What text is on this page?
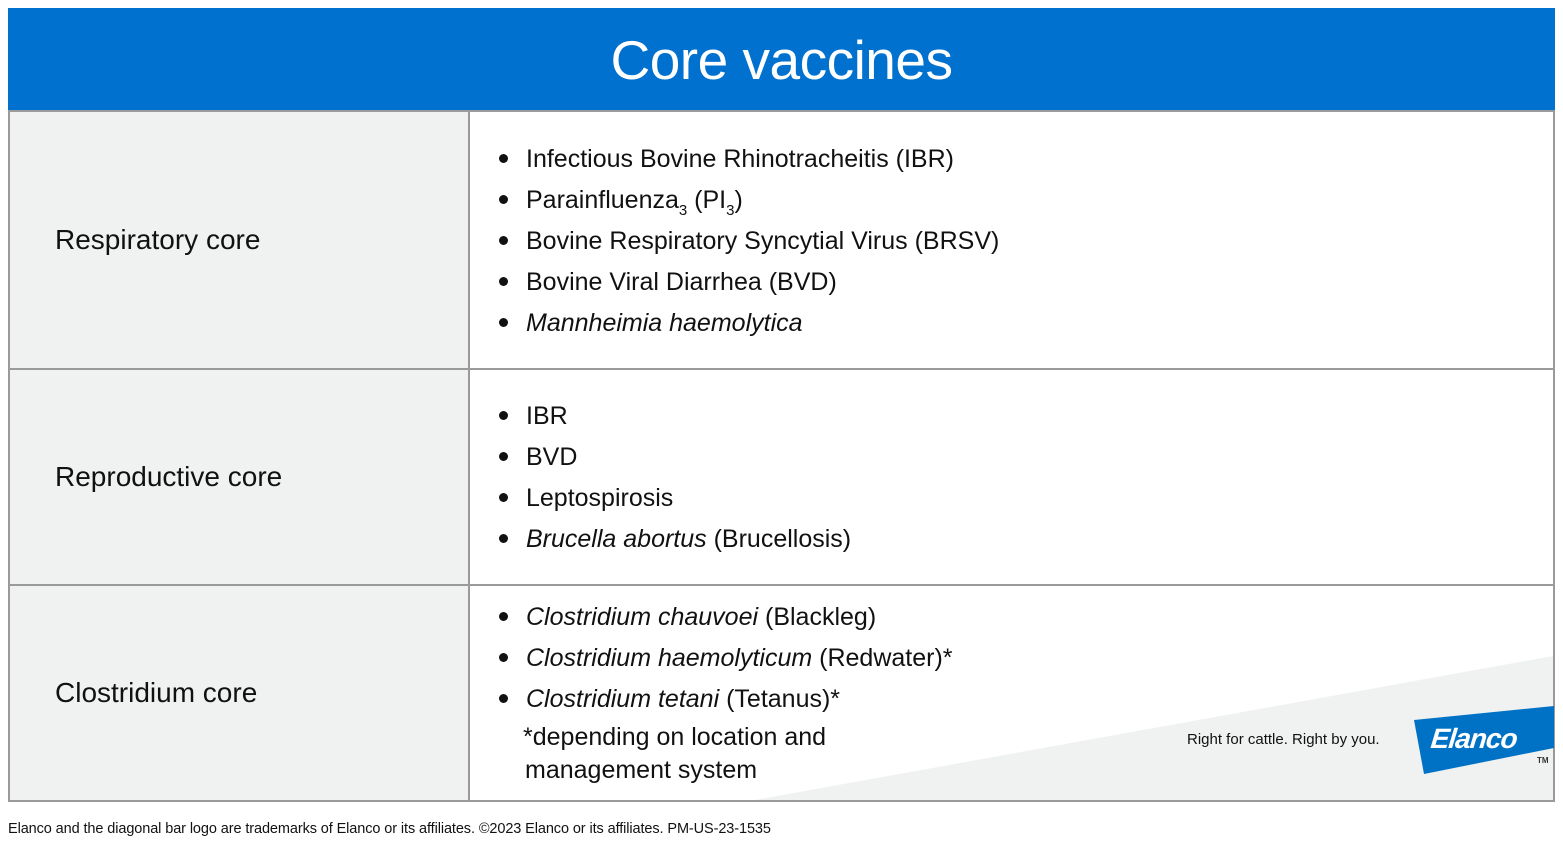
Core vaccines
Respiratory core
Infectious Bovine Rhinotracheitis (IBR)
Parainfluenza$_3$ $(PI_3)$
Bovine Respiratory Syncytial Virus (BRSV)
Bovine Viral Diarrhea (BVD)
Mannheimia haemolytica
Reproductive core
IBR
BVD
Leptospirosis
Brucella abortus (Brucellosis)
Clostridium core
Clostridium chauvoei (Blackleg)
Clostridium haemolyticum (Redwater)*
Clostridium tetani (Tetanus)*
*depending on location and
management system
Right for cattle. Right by you. Elanco
TM
Elanco and the diagonal bar logo are trademarks of Elanco or its affiliates. ©2023 Elanco or its affiliates. PM-US-23-1535
